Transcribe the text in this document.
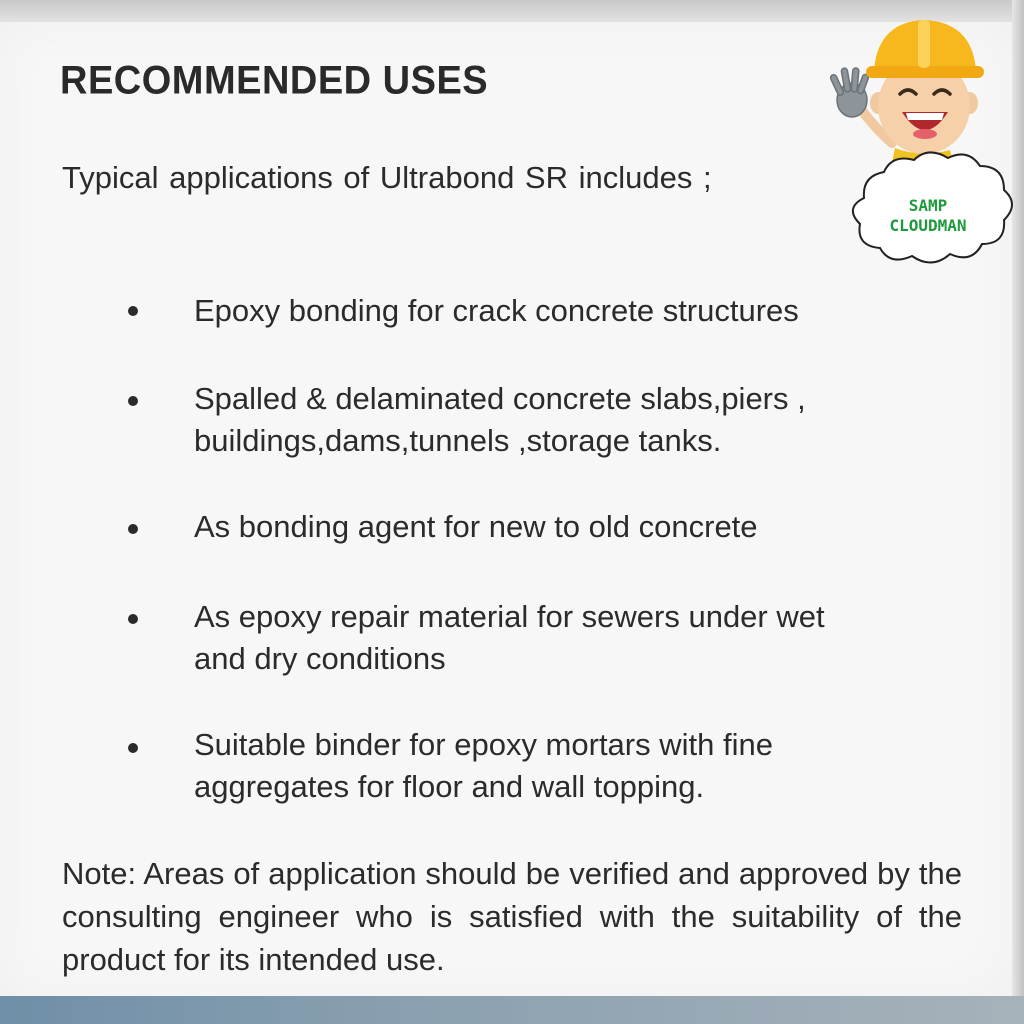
RECOMMENDED USES
Typical applications of Ultrabond SR includes ;
Epoxy bonding for crack concrete structures
Spalled & delaminated concrete slabs,piers ,
buildings,dams,tunnels ,storage tanks.
As bonding agent for new to old concrete
As epoxy repair material for sewers under wet
and dry conditions
Suitable binder for epoxy mortars with fine
aggregates for floor and wall topping.
Note: Areas of application should be verified and approved by the consulting engineer who is satisfied with the suitability of the product for its intended use.
SAMP
CLOUDMAN
